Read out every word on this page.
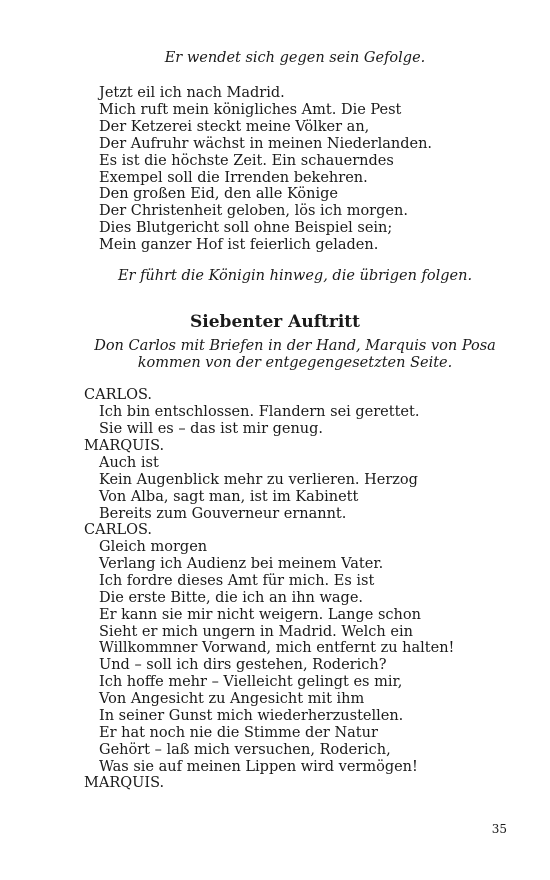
Er wendet sich gegen sein Gefolge.
Jetzt eil ich nach Madrid.
Mich ruft mein königliches Amt. Die Pest
Der Ketzerei steckt meine Völker an,
Der Aufruhr wächst in meinen Niederlanden.
Es ist die höchste Zeit. Ein schauerndes
Exempel soll die Irrenden bekehren.
Den großen Eid, den alle Könige
Der Christenheit geloben, lös ich morgen.
Dies Blutgericht soll ohne Beispiel sein;
Mein ganzer Hof ist feierlich geladen.
Er führt die Königin hinweg, die übrigen folgen.
Siebenter Auftritt
Don Carlos mit Briefen in der Hand, Marquis von Posa kommen von der entgegengesetzten Seite.
CARLOS.
Ich bin entschlossen. Flandern sei gerettet.
Sie will es – das ist mir genug.
MARQUIS.
Auch ist
Kein Augenblick mehr zu verlieren. Herzog
Von Alba, sagt man, ist im Kabinett
Bereits zum Gouverneur ernannt.
CARLOS.
Gleich morgen
Verlang ich Audienz bei meinem Vater.
Ich fordre dieses Amt für mich. Es ist
Die erste Bitte, die ich an ihn wage.
Er kann sie mir nicht weigern. Lange schon
Sieht er mich ungern in Madrid. Welch ein
Willkommner Vorwand, mich entfernt zu halten!
Und – soll ich dirs gestehen, Roderich?
Ich hoffe mehr – Vielleicht gelingt es mir,
Von Angesicht zu Angesicht mit ihm
In seiner Gunst mich wiederherzustellen.
Er hat noch nie die Stimme der Natur
Gehört – laß mich versuchen, Roderich,
Was sie auf meinen Lippen wird vermögen!
MARQUIS.
35
